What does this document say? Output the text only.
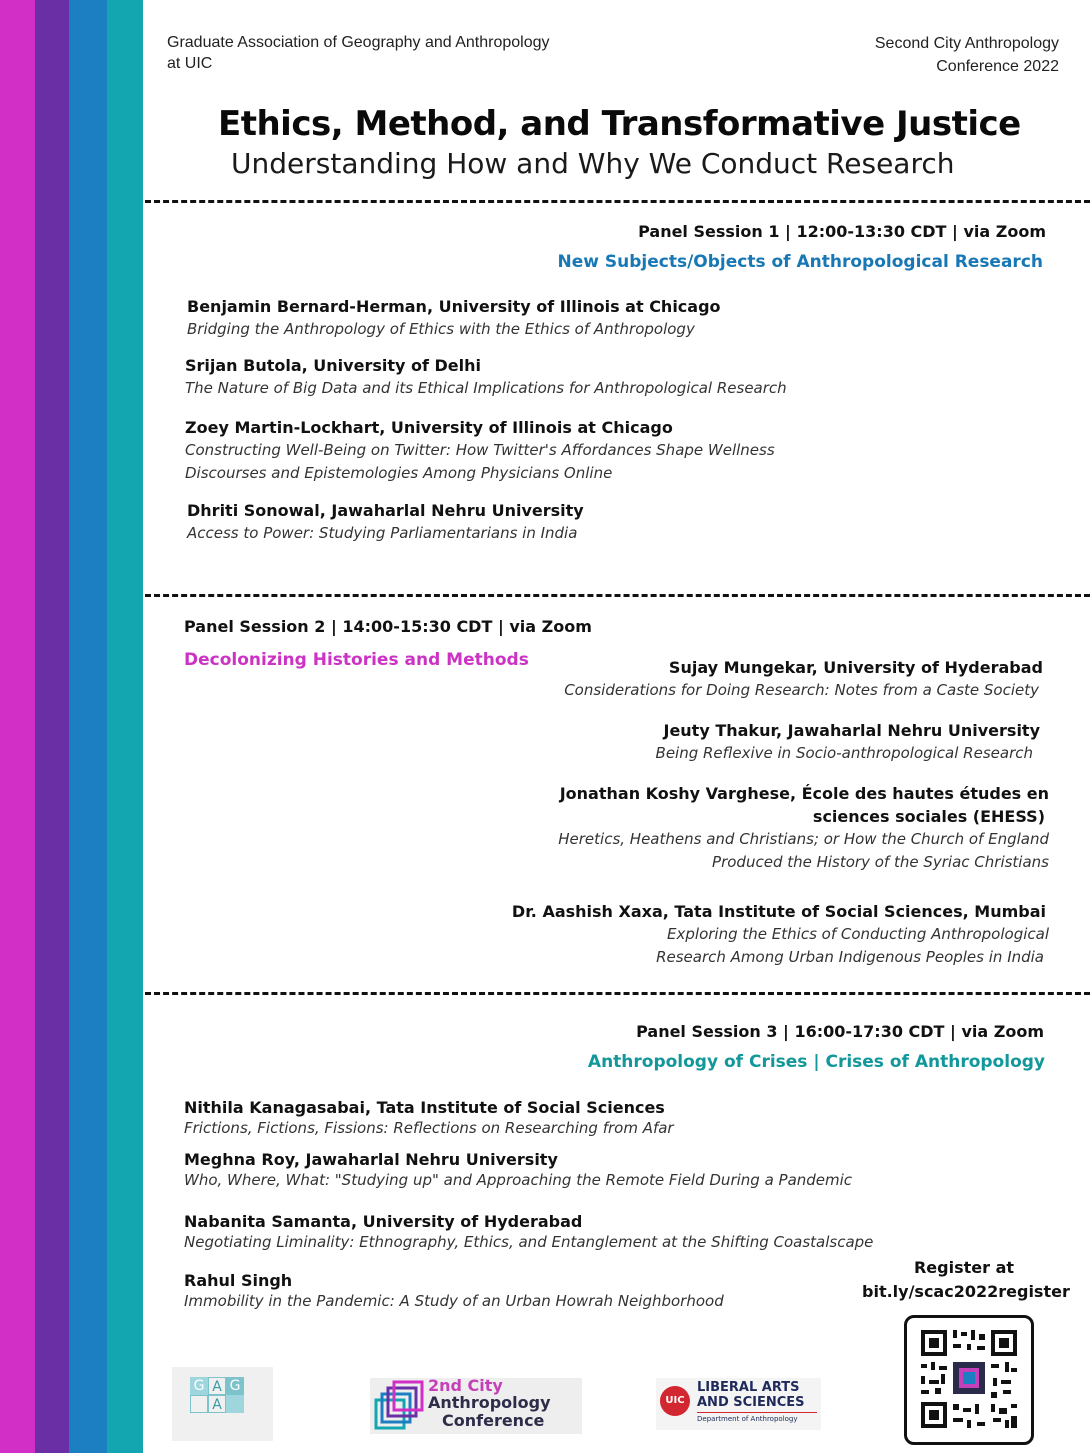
Graduate Association of Geography and Anthropology
at UIC
Second City Anthropology
Conference 2022
Ethics, Method, and Transformative Justice
Understanding How and Why We Conduct Research
Panel Session 1 | 12:00-13:30 CDT | via Zoom
New Subjects/Objects of Anthropological Research
Benjamin Bernard-Herman, University of Illinois at Chicago
Bridging the Anthropology of Ethics with the Ethics of Anthropology
Srijan Butola, University of Delhi
The Nature of Big Data and its Ethical Implications for Anthropological Research
Zoey Martin-Lockhart, University of Illinois at Chicago
Constructing Well-Being on Twitter: How Twitter's Affordances Shape Wellness
Discourses and Epistemologies Among Physicians Online
Dhriti Sonowal, Jawaharlal Nehru University
Access to Power: Studying Parliamentarians in India
Panel Session 2 | 14:00-15:30 CDT | via Zoom
Decolonizing Histories and Methods	Sujay Mungekar, University of Hyderabad
Considerations for Doing Research: Notes from a Caste Society
Jeuty Thakur, Jawaharlal Nehru University
Being Reflexive in Socio-anthropological Research
Jonathan Koshy Varghese, École des hautes études en
sciences sociales (EHESS)
Heretics, Heathens and Christians; or How the Church of England
Produced the History of the Syriac Christians
Dr. Aashish Xaxa, Tata Institute of Social Sciences, Mumbai
Exploring the Ethics of Conducting Anthropological
Research Among Urban Indigenous Peoples in India
Panel Session 3 | 16:00-17:30 CDT | via Zoom
Anthropology of Crises | Crises of Anthropology
Nithila Kanagasabai, Tata Institute of Social Sciences
Frictions, Fictions, Fissions: Reflections on Researching from Afar
Meghna Roy, Jawaharlal Nehru University
Who, Where, What: "Studying up" and Approaching the Remote Field During a Pandemic
Nabanita Samanta, University of Hyderabad
Negotiating Liminality: Ethnography, Ethics, and Entanglement at the Shifting Coastalscape
Rahul Singh
Immobility in the Pandemic: A Study of an Urban Howrah Neighborhood
Register at
bit.ly/scac2022register
G A G
A
2nd City
Anthropology
Conference
UIC
LIBERAL ARTS
AND SCIENCES
Department of Anthropology
